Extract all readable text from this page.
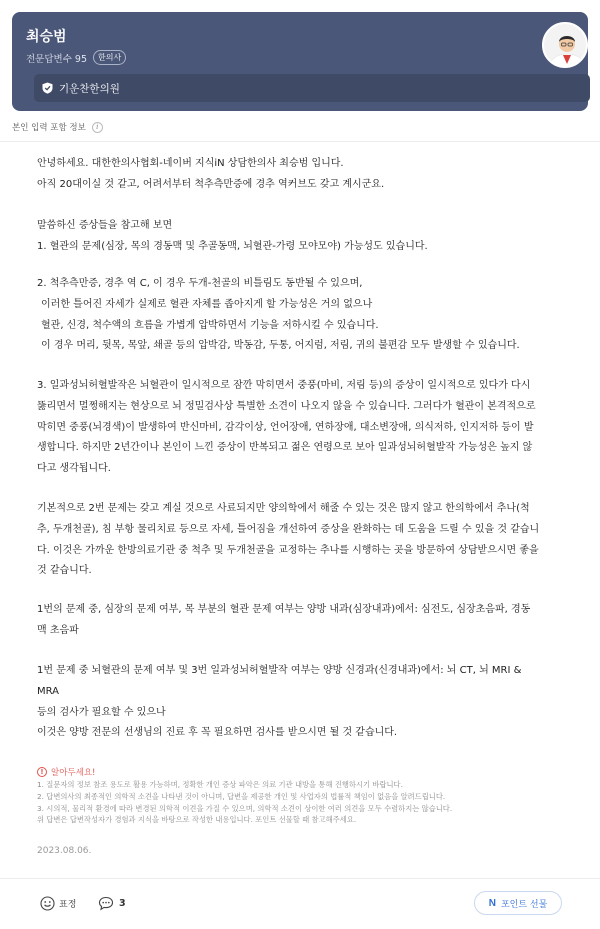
최승범
전문답변수 95	한의사
기운찬한의원
본인 입력 포함 정보	i
안녕하세요. 대한한의사협회-네이버 지식iN 상담한의사 최승범 입니다.
아직 20대이실 것 같고, 어려서부터 척추측만증에 경추 역커브도 갖고 계시군요.
말씀하신 증상들을 참고해 보면
1. 혈관의 문제(심장, 목의 경동맥 및 추골동맥, 뇌혈관-가령 모야모야) 가능성도 있습니다.
2. 척추측만증, 경추 역 C, 이 경우 두개-천골의 비틀림도 동반될 수 있으며,
이러한 틀어진 자세가 실제로 혈관 자체를 좁아지게 할 가능성은 거의 없으나
혈관, 신경, 척수액의 흐름을 가볍게 압박하면서 기능을 저하시킬 수 있습니다.
이 경우 머리, 뒷목, 목앞, 쇄골 등의 압박감, 박동감, 두통, 어지럼, 저림, 귀의 불편감 모두 발생할 수 있습니다.
3. 일과성뇌허혈발작은 뇌혈관이 일시적으로 잠깐 막히면서 중풍(마비, 저림 등)의 증상이 일시적으로 있다가 다시
뚫리면서 멀쩡해지는 현상으로 뇌 정밀검사상 특별한 소견이 나오지 않을 수 있습니다. 그러다가 혈관이 본격적으로
막히면 중풍(뇌경색)이 발생하여 반신마비, 감각이상, 언어장애, 연하장애, 대소변장애, 의식저하, 인지저하 등이 발
생합니다. 하지만 2년간이나 본인이 느낀 증상이 반복되고 젊은 연령으로 보아 일과성뇌허혈발작 가능성은 높지 않
다고 생각됩니다.
기본적으로 2번 문제는 갖고 계실 것으로 사료되지만 양의학에서 해줄 수 있는 것은 많지 않고 한의학에서 추나(척
추, 두개천골), 침 부항 물리치료 등으로 자세, 틀어짐을 개선하여 증상을 완화하는 데 도움을 드릴 수 있을 것 같습니
다. 이것은 가까운 한방의료기관 중 척추 및 두개천골을 교정하는 추나를 시행하는 곳을 방문하여 상담받으시면 좋을
것 같습니다.
1번의 문제 중, 심장의 문제 여부, 목 부분의 혈관 문제 여부는 양방 내과(심장내과)에서: 심전도, 심장초음파, 경동
맥 초음파
1번 문제 중 뇌혈관의 문제 여부 및 3번 일과성뇌허혈발작 여부는 양방 신경과(신경내과)에서: 뇌 CT, 뇌 MRI &
MRA
등의 검사가 필요할 수 있으나
이것은 양방 전문의 선생님의 진료 후 꼭 필요하면 검사를 받으시면 될 것 같습니다.
! 알아두세요!
1. 질문자의 정보 참조 용도로 활용 가능하며, 정확한 개인 증상 파악은 의료 기관 내방을 통해 진행하시기 바랍니다.
2. 답변의사의 최종적인 의학적 소견을 나타낸 것이 아니며, 답변을 제공한 개인 및 사업자의 법률적 책임이 없음을 알려드립니다.
3. 시의적, 물리적 환경에 따라 변경된 의학적 이견을 가질 수 있으며, 의학적 소견이 상이한 여러 의견을 모두 수렴하지는 않습니다.
위 답변은 답변작성자가 경험과 지식을 바탕으로 작성한 내용입니다. 포인트 선물할 때 참고해주세요.
2023.08.06.
표정	3	N 포인트 선물
